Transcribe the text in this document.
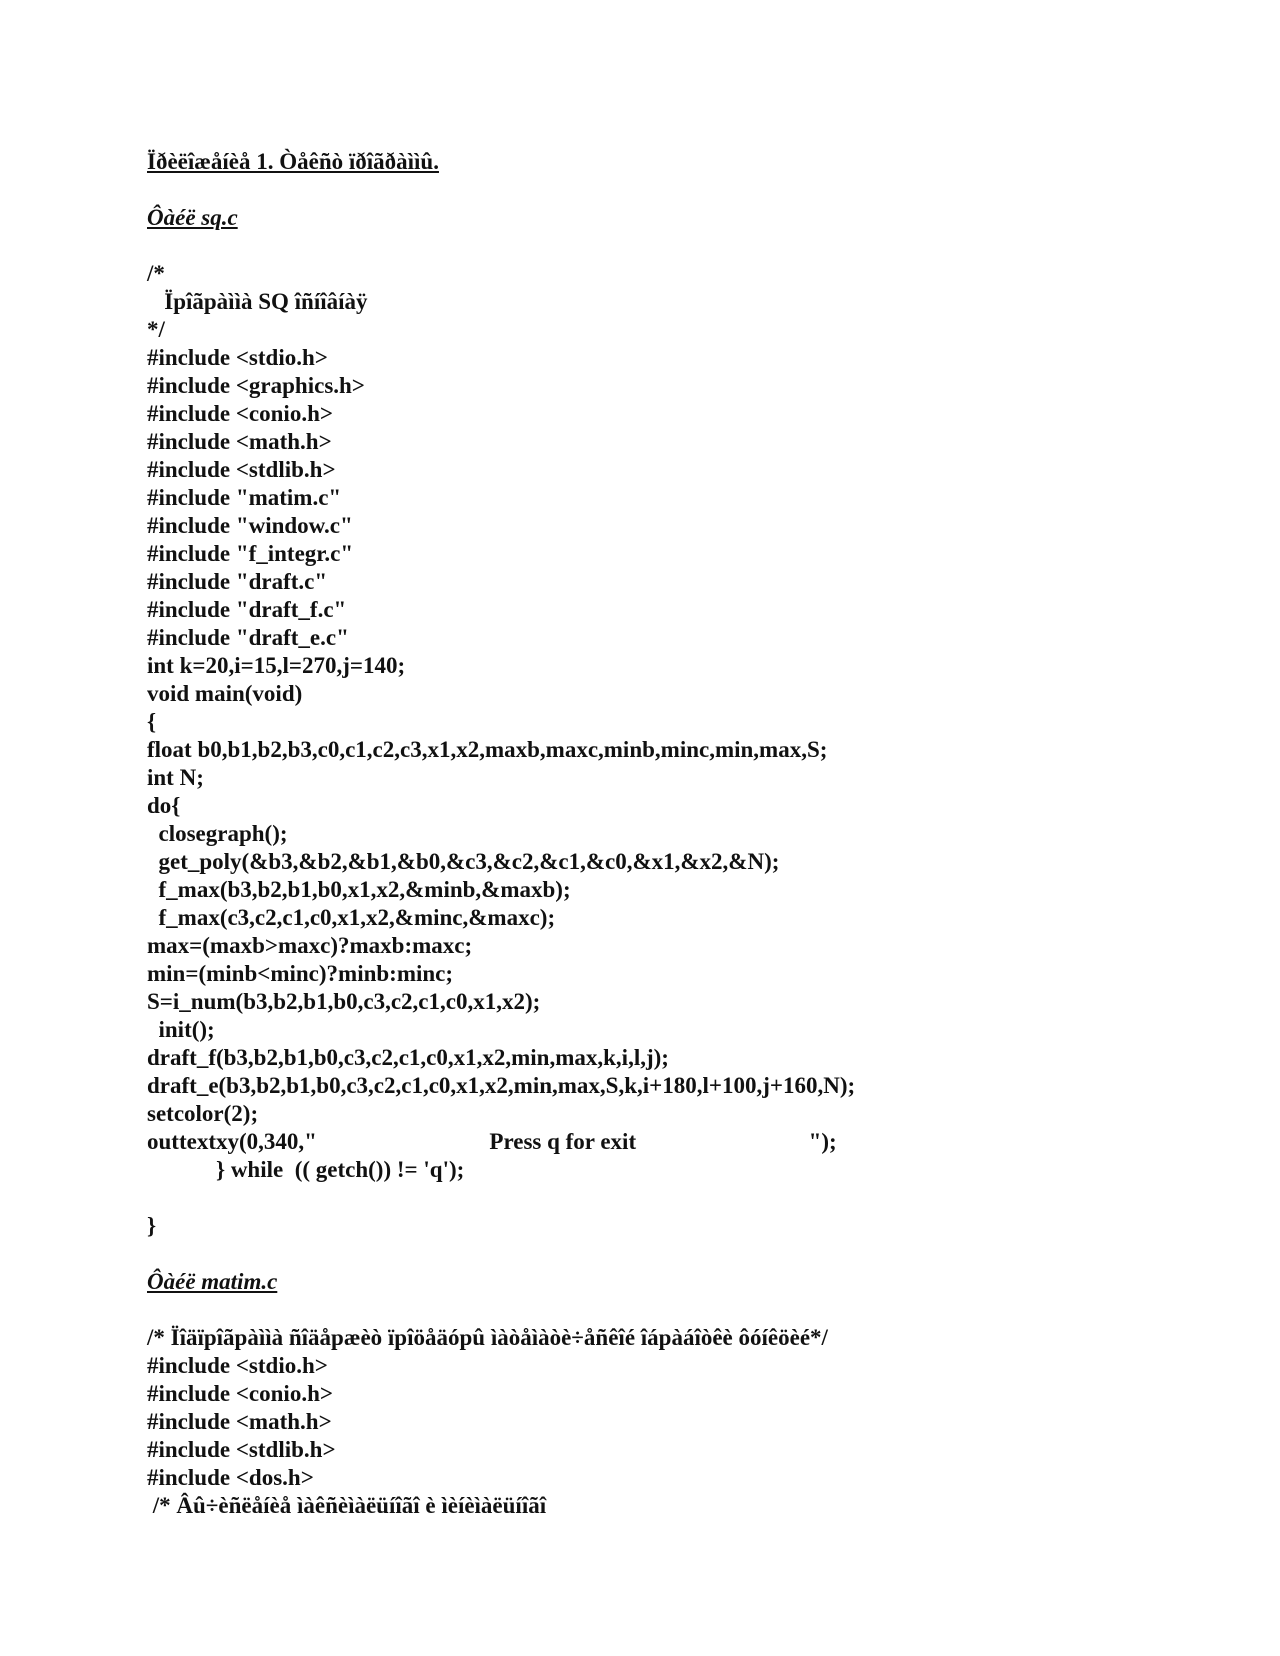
Ïðèëîæåíèå 1. Òåêñò ïðîãðàììû.
Ôàéë sq.c
/*
Ïpîãpàììà SQ îñíîâíàÿ
*/
#include <stdio.h>
#include <graphics.h>
#include <conio.h>
#include <math.h>
#include <stdlib.h>
#include "matim.c"
#include "window.c"
#include "f_integr.c"
#include "draft.c"
#include "draft_f.c"
#include "draft_e.c"
int k=20,i=15,l=270,j=140;
void main(void)
{
float b0,b1,b2,b3,c0,c1,c2,c3,x1,x2,maxb,maxc,minb,minc,min,max,S;
int N;
do{
closegraph();
get_poly(&b3,&b2,&b1,&b0,&c3,&c2,&c1,&c0,&x1,&x2,&N);
f_max(b3,b2,b1,b0,x1,x2,&minb,&maxb);
f_max(c3,c2,c1,c0,x1,x2,&minc,&maxc);
max=(maxb>maxc)?maxb:maxc;
min=(minb<minc)?minb:minc;
S=i_num(b3,b2,b1,b0,c3,c2,c1,c0,x1,x2);
init();
draft_f(b3,b2,b1,b0,c3,c2,c1,c0,x1,x2,min,max,k,i,l,j);
draft_e(b3,b2,b1,b0,c3,c2,c1,c0,x1,x2,min,max,S,k,i+180,l+100,j+160,N);
setcolor(2);
outtextxy(0,340,"                              Press q for exit                              ");
} while  (( getch()) != 'q');
}
Ôàéë matim.c
/* Ïîäïpîãpàììà ñîäåpæèò ïpîöåäópû ìàòåìàòè÷åñêîé îápàáîòêè ôóíêöèé*/
#include <stdio.h>
#include <conio.h>
#include <math.h>
#include <stdlib.h>
#include <dos.h>
/* Âû÷èñëåíèå ìàêñèìàëüíîãî è ìèíèìàëüíîãî
